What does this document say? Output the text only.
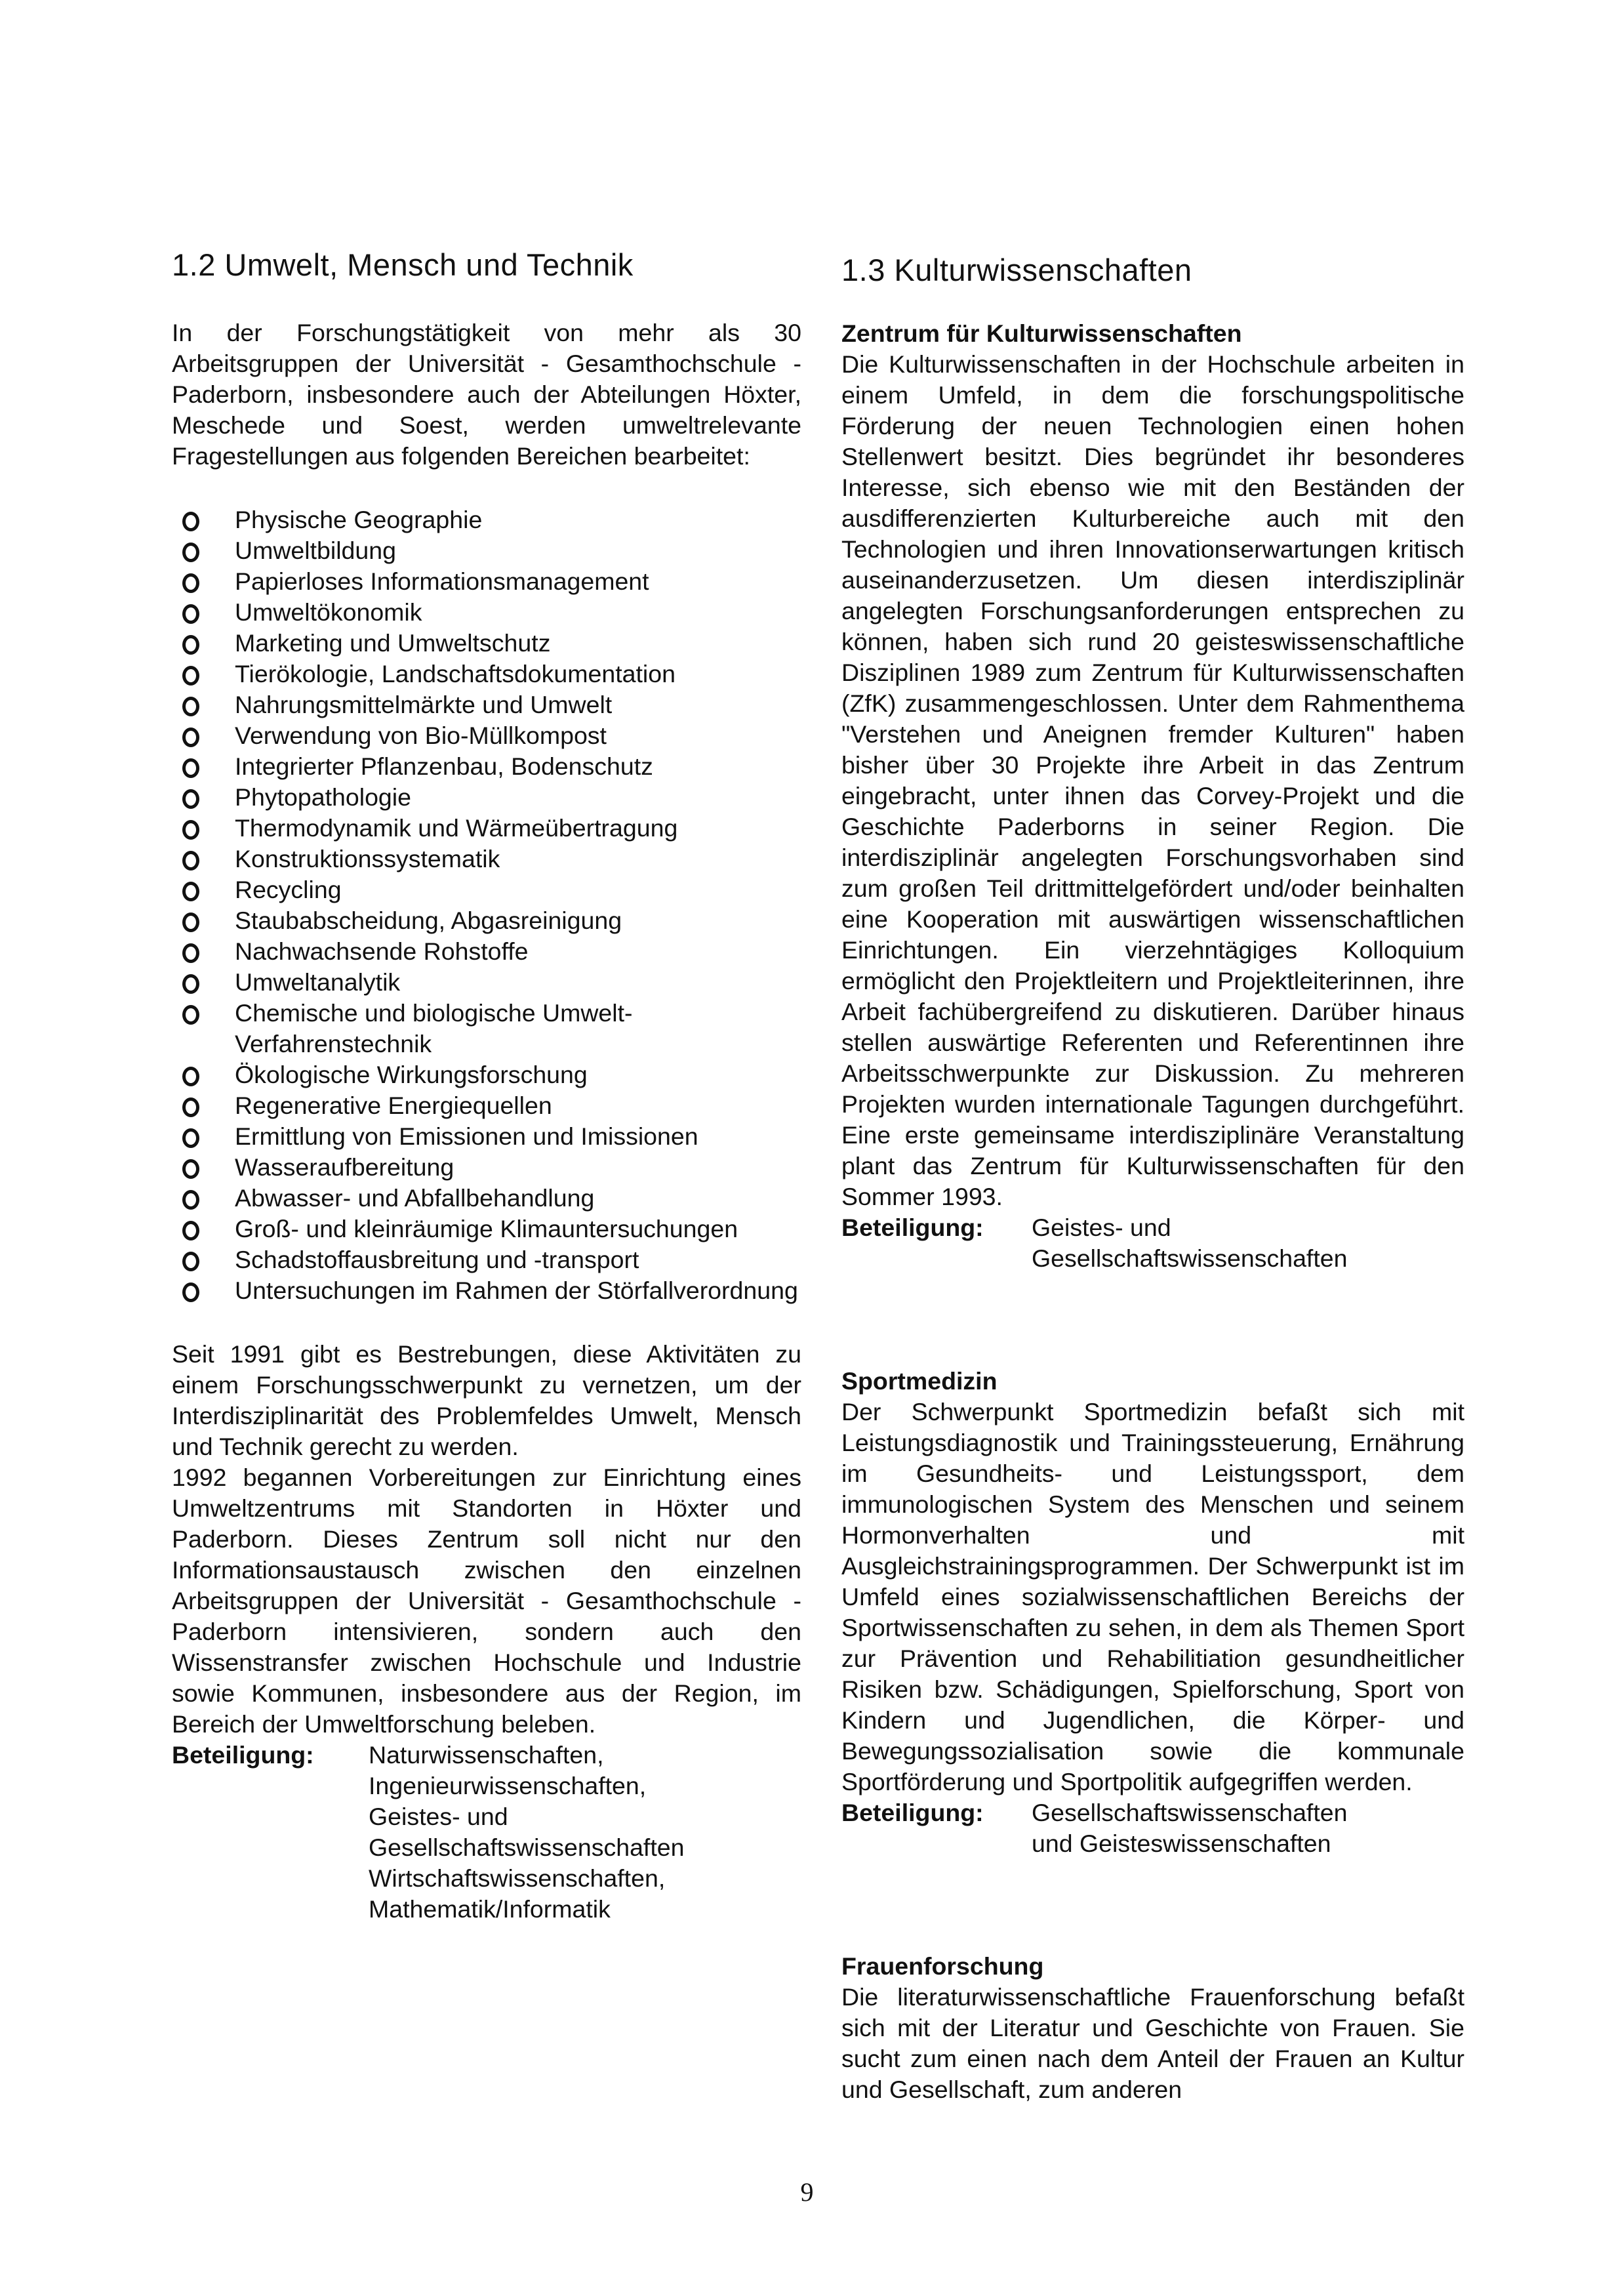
1.2 Umwelt, Mensch und Technik

In der Forschungstätigkeit von mehr als 30 Arbeitsgruppen der Universität - Gesamthochschule - Paderborn, insbesondere auch der Abteilungen Höxter, Meschede und Soest, werden umweltrelevante Fragestellungen aus folgenden Bereichen bearbeitet:

Physische Geographie
Umweltbildung
Papierloses Informationsmanagement
Umweltökonomik
Marketing und Umweltschutz
Tierökologie, Landschaftsdokumentation
Nahrungsmittelmärkte und Umwelt
Verwendung von Bio-Müllkompost
Integrierter Pflanzenbau, Bodenschutz
Phytopathologie
Thermodynamik und Wärmeübertragung
Konstruktionssystematik
Recycling
Staubabscheidung, Abgasreinigung
Nachwachsende Rohstoffe
Umweltanalytik
Chemische und biologische Umwelt-Verfahrenstechnik
Ökologische Wirkungsforschung
Regenerative Energiequellen
Ermittlung von Emissionen und Imissionen
Wasseraufbereitung
Abwasser- und Abfallbehandlung
Groß- und kleinräumige Klimauntersuchungen
Schadstoffausbreitung und -transport
Untersuchungen im Rahmen der Störfallverordnung

Seit 1991 gibt es Bestrebungen, diese Aktivitäten zu einem Forschungsschwerpunkt zu vernetzen, um der Interdisziplinarität des Problemfeldes Umwelt, Mensch und Technik gerecht zu werden.

1992 begannen Vorbereitungen zur Einrichtung eines Umweltzentrums mit Standorten in Höxter und Paderborn. Dieses Zentrum soll nicht nur den Informationsaustausch zwischen den einzelnen Arbeitsgruppen der Universität - Gesamthochschule - Paderborn intensivieren, sondern auch den Wissenstransfer zwischen Hochschule und Industrie sowie Kommunen, insbesondere aus der Region, im Bereich der Umweltforschung beleben.

Beteiligung:	Naturwissenschaften,
Ingenieurwissenschaften,
Geistes- und Gesellschaftswissenschaften
Wirtschaftswissenschaften,
Mathematik/Informatik
1.3 Kulturwissenschaften
Zentrum für Kulturwissenschaften

Die Kulturwissenschaften in der Hochschule arbeiten in einem Umfeld, in dem die forschungspolitische Förderung der neuen Technologien einen hohen Stellenwert besitzt. Dies begründet ihr besonderes Interesse, sich ebenso wie mit den Beständen der ausdifferenzierten Kulturbereiche auch mit den Technologien und ihren Innovationserwartungen kritisch auseinanderzusetzen. Um diesen interdisziplinär angelegten Forschungsanforderungen entsprechen zu können, haben sich rund 20 geisteswissenschaftliche Disziplinen 1989 zum Zentrum für Kulturwissenschaften (ZfK) zusammengeschlossen. Unter dem Rahmenthema "Verstehen und Aneignen fremder Kulturen" haben bisher über 30 Projekte ihre Arbeit in das Zentrum eingebracht, unter ihnen das Corvey-Projekt und die Geschichte Paderborns in seiner Region. Die interdisziplinär angelegten Forschungsvorhaben sind zum großen Teil drittmittelgefördert und/oder beinhalten eine Kooperation mit auswärtigen wissenschaftlichen Einrichtungen. Ein vierzehntägiges Kolloquium ermöglicht den Projektleitern und Projektleiterinnen, ihre Arbeit fachübergreifend zu diskutieren. Darüber hinaus stellen auswärtige Referenten und Referentinnen ihre Arbeitsschwerpunkte zur Diskussion. Zu mehreren Projekten wurden internationale Tagungen durchgeführt. Eine erste gemeinsame interdisziplinäre Veranstaltung plant das Zentrum für Kulturwissenschaften für den Sommer 1993.

Beteiligung:	Geistes- und
Gesellschaftswissenschaften
Sportmedizin

Der Schwerpunkt Sportmedizin befaßt sich mit Leistungsdiagnostik und Trainingssteuerung, Ernährung im Gesundheits- und Leistungssport, dem immunologischen System des Menschen und seinem Hormonverhalten und mit Ausgleichstrainingsprogrammen. Der Schwerpunkt ist im Umfeld eines sozialwissenschaftlichen Bereichs der Sportwissenschaften zu sehen, in dem als Themen Sport zur Prävention und Rehabilitiation gesundheitlicher Risiken bzw. Schädigungen, Spielforschung, Sport von Kindern und Jugendlichen, die Körper- und Bewegungssozialisation sowie die kommunale Sportförderung und Sportpolitik aufgegriffen werden.

Beteiligung:	Gesellschaftswissenschaften
und Geisteswissenschaften
Frauenforschung

Die literaturwissenschaftliche Frauenforschung befaßt sich mit der Literatur und Geschichte von Frauen. Sie sucht zum einen nach dem Anteil der Frauen an Kultur und Gesellschaft, zum anderen

9
